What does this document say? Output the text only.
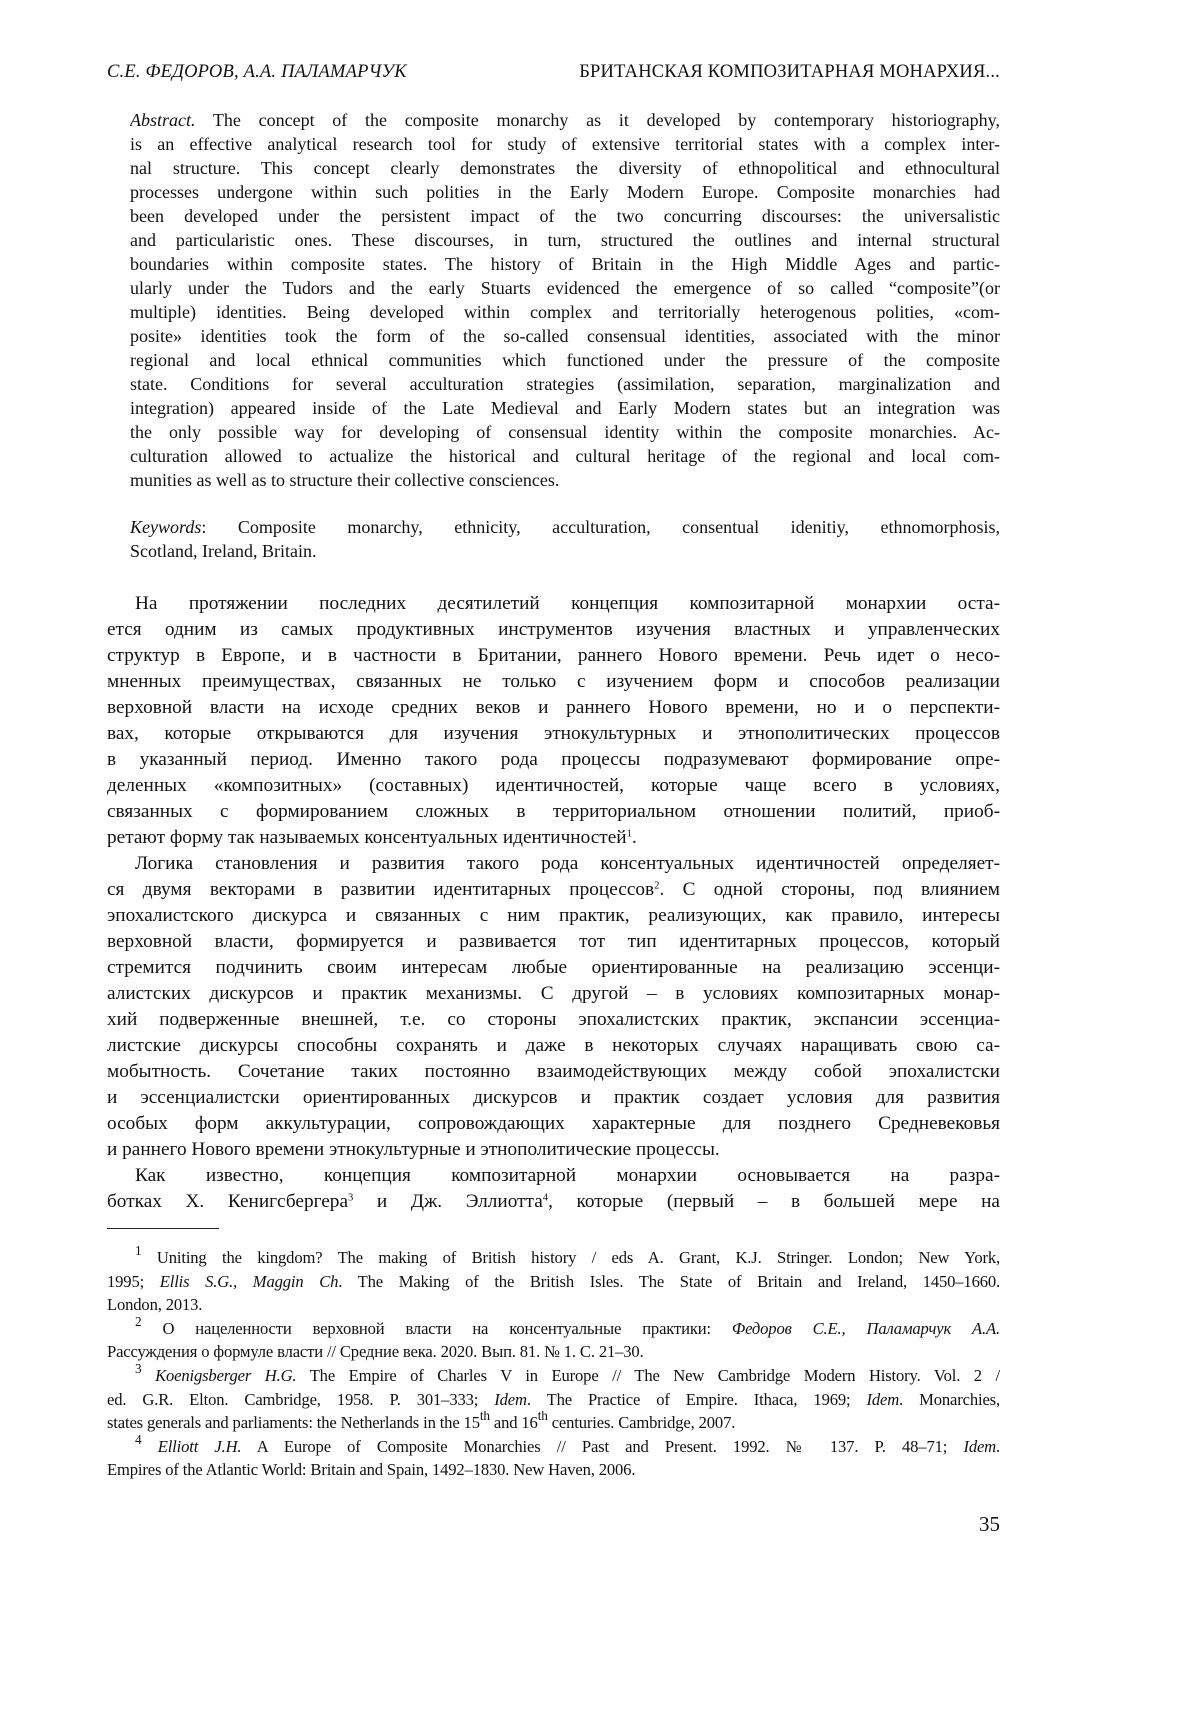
С.Е. ФЕДОРОВ, А.А. ПАЛАМАРЧУК	БРИТАНСКАЯ КОМПОЗИТАРНАЯ МОНАРХИЯ...
Abstract. The concept of the composite monarchy as it developed by contemporary historiography,
is an effective analytical research tool for study of extensive territorial states with a complex inter-
nal structure. This concept clearly demonstrates the diversity of ethnopolitical and ethnocultural
processes undergone within such polities in the Early Modern Europe. Composite monarchies had
been developed under the persistent impact of the two concurring discourses: the universalistic
and particularistic ones. These discourses, in turn, structured the outlines and internal structural
boundaries within composite states. The history of Britain in the High Middle Ages and partic-
ularly under the Tudors and the early Stuarts evidenced the emergence of so called “composite”(or
multiple) identities. Being developed within complex and territorially heterogenous polities, «com-
posite» identities took the form of the so-called consensual identities, associated with the minor
regional and local ethnical communities which functioned under the pressure of the composite
state. Conditions for several acculturation strategies (assimilation, separation, marginalization and
integration) appeared inside of the Late Medieval and Early Modern states but an integration was
the only possible way for developing of consensual identity within the composite monarchies. Ac-
culturation allowed to actualize the historical and cultural heritage of the regional and local com-
munities as well as to structure their collective consciences.
Keywords: Composite monarchy, ethnicity, acculturation, consentual idenitiy, ethnomorphosis,
Scotland, Ireland, Britain.
На протяжении последних десятилетий концепция композитарной монархии оста-
ется одним из самых продуктивных инструментов изучения властных и управленческих
структур в Европе, и в частности в Британии, раннего Нового времени. Речь идет о несо-
мненных преимуществах, связанных не только с изучением форм и способов реализации
верховной власти на исходе средних веков и раннего Нового времени, но и о перспекти-
вах, которые открываются для изучения этнокультурных и этнополитических процессов
в указанный период. Именно такого рода процессы подразумевают формирование опре-
деленных «композитных» (составных) идентичностей, которые чаще всего в условиях,
связанных с формированием сложных в территориальном отношении политий, приоб-
ретают форму так называемых консентуальных идентичностей1.
Логика становления и развития такого рода консентуальных идентичностей определяет-
ся двумя векторами в развитии идентитарных процессов2. С одной стороны, под влиянием
эпохалистского дискурса и связанных с ним практик, реализующих, как правило, интересы
верховной власти, формируется и развивается тот тип идентитарных процессов, который
стремится подчинить своим интересам любые ориентированные на реализацию эссенци-
алистских дискурсов и практик механизмы. С другой – в условиях композитарных монар-
хий подверженные внешней, т.е. со стороны эпохалистских практик, экспансии эссенциа-
листские дискурсы способны сохранять и даже в некоторых случаях наращивать свою са-
мобытность. Сочетание таких постоянно взаимодействующих между собой эпохалистски
и эссенциалистски ориентированных дискурсов и практик создает условия для развития
особых форм аккультурации, сопровождающих характерные для позднего Средневековья
и раннего Нового времени этнокультурные и этнополитические процессы.
Как известно, концепция композитарной монархии основывается на разра-
ботках Х. Кенигсбергера3 и Дж. Эллиотта4, которые (первый – в большей мере на
1 Uniting the kingdom? The making of British history / eds A. Grant, K.J. Stringer. London; New York,
1995; Ellis S.G., Maggin Ch. The Making of the British Isles. The State of Britain and Ireland, 1450–1660.
London, 2013.
2 О нацеленности верховной власти на консентуальные практики: Федоров С.Е., Паламарчук А.А.
Рассуждения о формуле власти // Средние века. 2020. Вып. 81. № 1. С. 21–30.
3 Koenigsberger H.G. The Empire of Charles V in Europe // The New Cambridge Modern History. Vol. 2 /
ed. G.R. Elton. Cambridge, 1958. P. 301–333; Idem. The Practice of Empire. Ithaca, 1969; Idem. Monarchies,
states generals and parliaments: the Netherlands in the 15th and 16th centuries. Cambridge, 2007.
4 Elliott J.H. A Europe of Composite Monarchies // Past and Present. 1992. № 137. P. 48–71; Idem.
Empires of the Atlantic World: Britain and Spain, 1492–1830. New Haven, 2006.
35
